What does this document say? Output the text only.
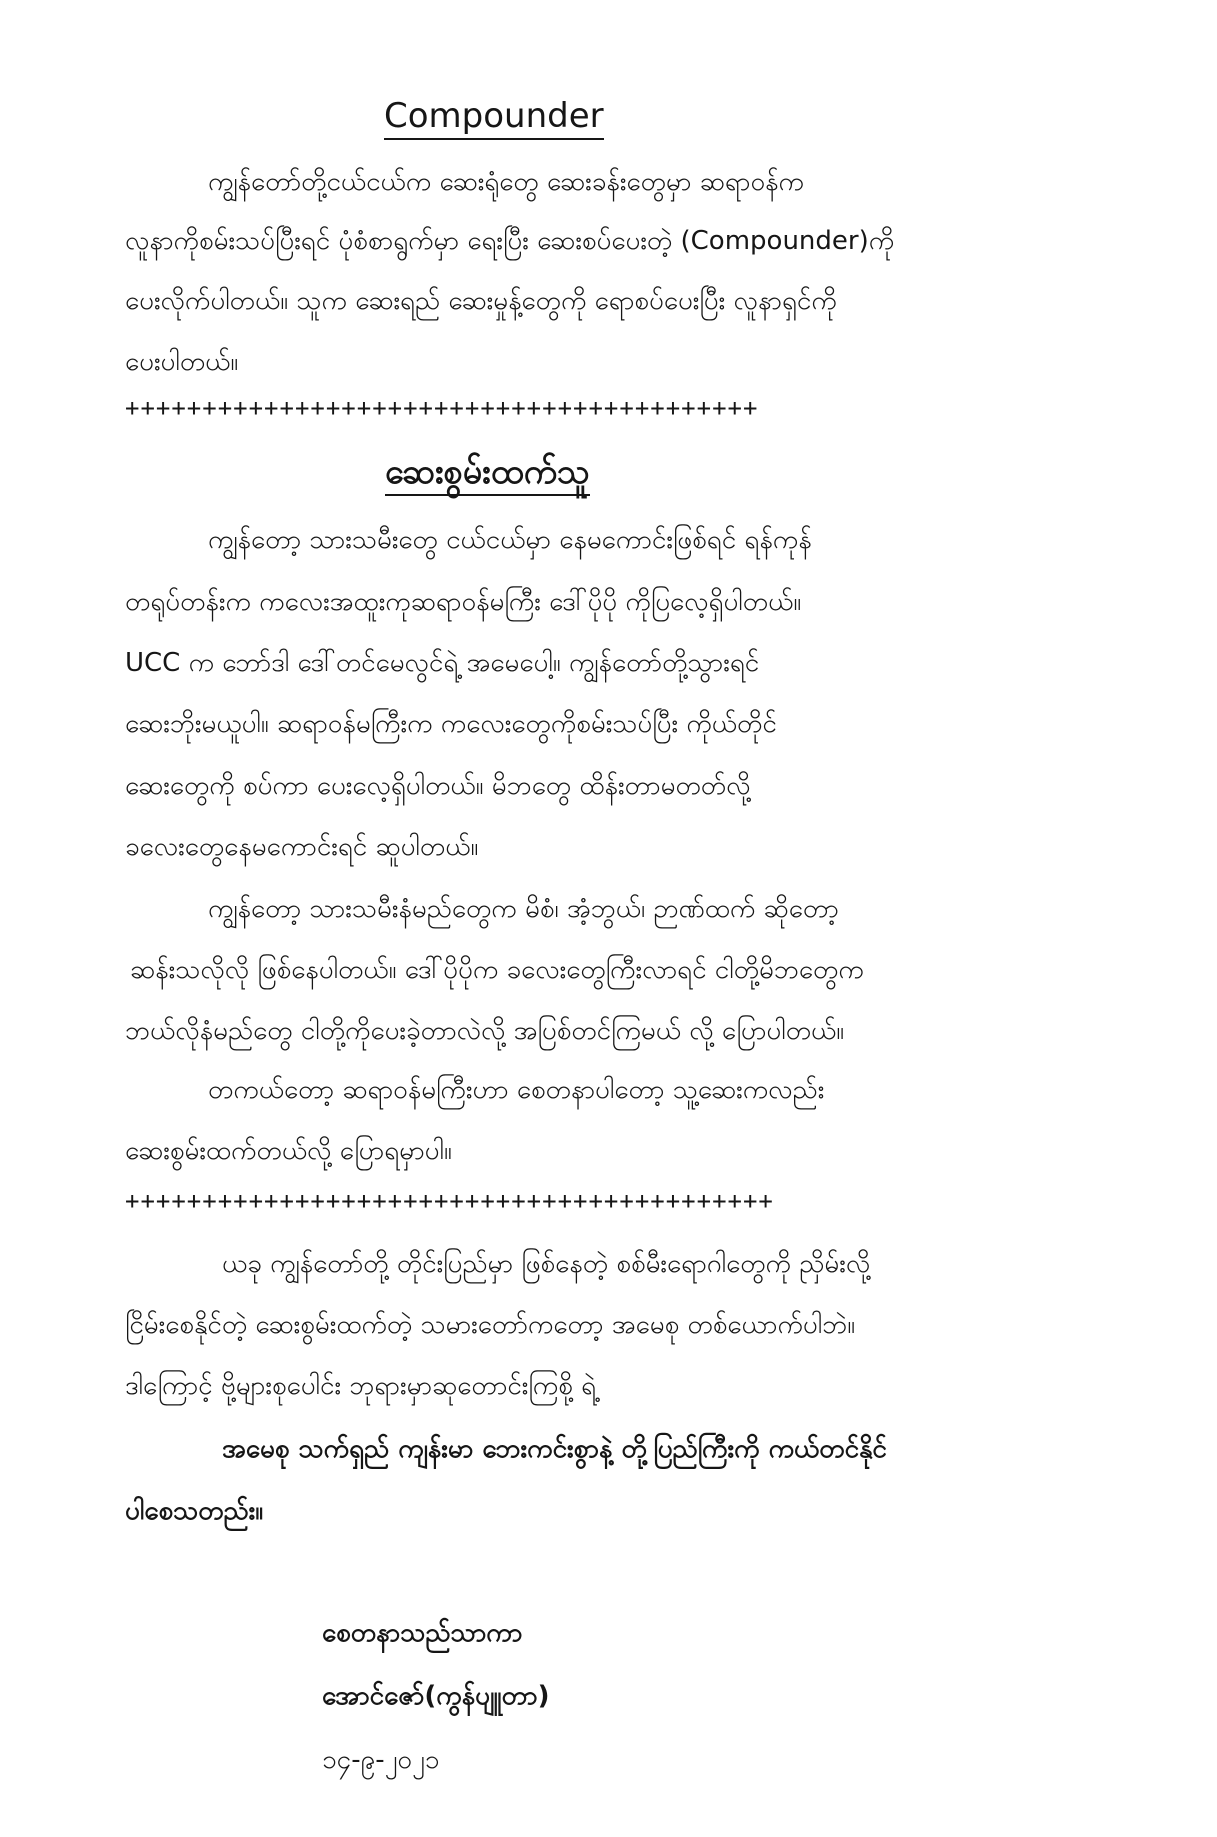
Compounder
ကျွန်တော်တို့ငယ်ငယ်က ဆေးရုံတွေ ဆေးခန်းတွေမှာ ဆရာဝန်က
လူနာကိုစမ်းသပ်ပြီးရင် ပုံစံစာရွက်မှာ ရေးပြီး ဆေးစပ်ပေးတဲ့ (Compounder)ကို
ပေးလိုက်ပါတယ်။ သူက ဆေးရည် ဆေးမှုန့်တွေကို ရောစပ်ပေးပြီး လူနာရှင်ကို
ပေးပါတယ်။
+++++++++++++++++++++++++++++++++++++++++
ဆေးစွမ်းထက်သူ
ကျွန်တော့ သားသမီးတွေ ငယ်ငယ်မှာ နေမကောင်းဖြစ်ရင် ရန်ကုန်
တရုပ်တန်းက ကလေးအထူးကုဆရာဝန်မကြီး ဒေါ်ပိုပို ကိုပြလေ့ရှိပါတယ်။
UCC က ဘော်ဒါ ဒေါ်တင်မေလွင်ရဲ့ အမေပေါ့။ ကျွန်တော်တို့သွားရင်
ဆေးဘိုးမယူပါ။ ဆရာဝန်မကြီးက ကလေးတွေကိုစမ်းသပ်ပြီး ကိုယ်တိုင်
ဆေးတွေကို စပ်ကာ ပေးလေ့ရှိပါတယ်။ မိဘတွေ ထိန်းတာမတတ်လို့
ခလေးတွေနေမကောင်းရင် ဆူပါတယ်။
ကျွန်တော့ သားသမီးနံမည်တွေက မိစံ၊ အံ့ဘွယ်၊ ဉာဏ်ထက် ဆိုတော့
ဆန်းသလိုလို ဖြစ်နေပါတယ်။ ဒေါ်ပိုပိုက ခလေးတွေကြီးလာရင် ငါတို့မိဘတွေက
ဘယ်လိုနံမည်တွေ ငါတို့ကိုပေးခဲ့တာလဲလို့ အပြစ်တင်ကြမယ် လို့ ပြောပါတယ်။
တကယ်တော့ ဆရာဝန်မကြီးဟာ စေတနာပါတော့ သူ့ဆေးကလည်း
ဆေးစွမ်းထက်တယ်လို့ ပြောရမှာပါ။
++++++++++++++++++++++++++++++++++++++++++
ယခု ကျွန်တော်တို့ တိုင်းပြည်မှာ ဖြစ်နေတဲ့ စစ်မီးရောဂါတွေကို ညှိမ်းလို့
ငြိမ်းစေနိုင်တဲ့ ဆေးစွမ်းထက်တဲ့ သမားတော်ကတော့ အမေစု တစ်ယောက်ပါဘဲ။
ဒါကြောင့် ဗို့များစုပေါင်း ဘုရားမှာဆုတောင်းကြစို့ ရဲ့
အမေစု သက်ရှည် ကျန်းမာ ဘေးကင်းစွာနဲ့ တို့ပြည်ကြီးကို ကယ်တင်နိုင်
ပါစေသတည်း။
စေတနာသည်သာကာ
အောင်ဇော်(ကွန်ပျူတာ)
၁၄-၉-၂၀၂၁
